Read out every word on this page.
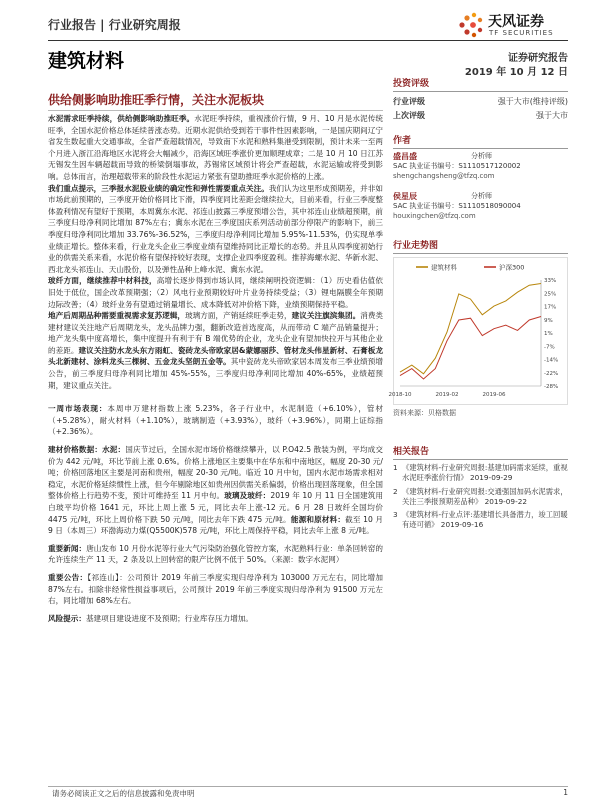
行业报告 | 行业研究周报	天风证券
TF SECURITIES
建筑材料	证券研究报告
2019 年 10 月 12 日
供给侧影响助推旺季行情，关注水泥板块

水泥需求旺季持续，供给侧影响助推旺季。水泥旺季持续，重视涨价行情，9 月、10 月是水泥传统旺季，全国水泥价格总体延续普涨态势。近期水泥供给受到若干事件性因素影响，一是国庆期间辽宁省发生数起重大交通事故，全省严查超载情况，导致南下水泥和熟料集港受到限制，预计未来一至两个月进入浙江沿海地区水泥将会大幅减少，沿海区域旺季涨价更加顺理成章；二是 10 月 10 日江苏无锡发生因车辆超载而导致的桥梁倒塌事故，苏锡常区域预计将会严查超载，水泥运输或将受到影响。总体而言，治理超载带来的阶段性水泥运力紧张有望助推旺季水泥价格的上涨。

我们重点提示，三季报水泥股业绩的确定性和弹性需要重点关注。我们认为这里形成预期差，并非如市场此前预期的，三季度开始价格同比下滑，四季度同比差距会继续拉大，目前来看，行业三季度整体盈利情况有望好于预期，本周冀东水泥、祁连山披露三季度预增公告，其中祁连山业绩超预期，前三季度归母净利同比增加 87%左右；冀东水泥在三季度国庆系列活动前部分停限产的影响下，前三季度归母净利同比增加 33.76%-36.52%，三季度归母净利同比增加 5.95%-11.53%，仍实现单季业绩正增长。整体来看，行业龙头企业三季度业绩有望维持同比正增长的态势。并且从四季度初始行业的供需关系来看，水泥价格有望保持较好表现，支撑企业四季度盈利。推荐海螺水泥、华新水泥、西北龙头祁连山、天山股份，以及弹性品种上峰水泥、冀东水泥。

玻纤方面，继续推荐中材科技，高增长逐步得到市场认同，继续阐明投资逻辑：（1）历史看估值依旧处于低位，国企改革预期强；（2）风电行业预期较好叶片业务持续受益；（3）锂电隔膜全年预期边际改善；（4）玻纤业务有望通过销量增长、成本降低对冲价格下降，业绩预期保持平稳。

地产后周期品种需要重视需求复苏逻辑，玻璃方面，产销延续旺季走势，建议关注旗滨集团。消费类建材建议关注地产后周期龙头，龙头品牌力强，翻新改造首选度高，从而带动 C 端产品销量提升；地产龙头集中度高增长，集中度提升有利于有 B 端优势的企业，龙头企业有望加快拉开与其他企业的差距。建议关注防水龙头东方雨虹、瓷砖龙头帝欧家居&蒙娜丽莎、管材龙头伟星新材、石膏板龙头北新建材、涂料龙头三棵树、五金龙头坚朗五金等。其中瓷砖龙头帝欧家居本周发布三季业绩预增公告，前三季度归母净利同比增加 45%-55%，三季度归母净利同比增加 40%-65%，业绩超预期，建议重点关注。

一周市场表现：本周申万建材指数上涨 5.23%，各子行业中，水泥制造（+6.10%），管材（+5.28%），耐火材料（+1.10%），玻璃制造（+3.93%），玻纤（+3.96%），同期上证综指（+2.36%）。

建材价格数据：水泥：国庆节过后，全国水泥市场价格继续攀升，以 P.O42.5 散装为例，平均成交价为 442 元/吨，环比节前上涨 0.6%。价格上涨地区主要集中在华东和中南地区，幅度 20-30 元/吨；价格回落地区主要是河南和贵州，幅度 20-30 元/吨。临近 10 月中旬，国内水泥市场需求相对稳定，水泥价格延续惯性上涨，但今年剔除地区如贵州因供需关系偏弱，价格出现回落现象，但全国整体价格上行趋势不变，预计可维持至 11 月中旬。玻璃及玻纤：2019 年 10 月 11 日全国建筑用白玻平均价格 1641 元，环比上周上涨 5 元，同比去年上涨-12 元。6 月 28 日玻纤全国均价 4475 元/吨，环比上周价格下跌 50 元/吨，同比去年下跌 475 元/吨。能源和原材料：截至 10 月 9 日（本周三）环渤海动力煤(Q5500K)578 元/吨，环比上周保持平稳，同比去年上涨 8 元/吨。

重要新闻：唐山发布 10 月份水泥等行业大气污染防治强化管控方案，水泥熟料行业：单条回转窑的允许连续生产 11 天，2 条及以上回转窑的限产比例不低于 50%。（来源：数字水泥网）

重要公告：【祁连山】：公司预计 2019 年前三季度实现归母净利为 103000 万元左右，同比增加 87%左右。扣除非经常性损益事项后，公司预计 2019 年前三季度实现归母净利为 91500 万元左右，同比增加 68%左右。

风险提示：基建项目建设进度不及预期；行业库存压力增加。

投资评级
行业评级	强于大市(维持评级)
上次评级	强于大市
作者
盛昌盛	分析师
SAC 执业证书编号：S1110517120002
shengchangsheng@tfzq.com
侯星辰	分析师
SAC 执业证书编号：S1110518090004
houxingchen@tfzq.com
行业走势图
33%
25%
17%
9%
1%
-7%
-14%
-22%
-28%
2018-10	2019-02	2019-06
建筑材料	沪深300
资料来源：贝格数据
相关报告
1 《建筑材料-行业研究周报:基建加码需求延续，重视水泥旺季涨价行情》 2019-09-29
2 《建筑材料-行业研究周报:交通强国加码水泥需求，关注三季报预期差品种》 2019-09-22
3 《建筑材料-行业点评:基建增长具备潜力，竣工回暖有迹可循》 2019-09-16
请务必阅读正文之后的信息披露和免责申明	1
